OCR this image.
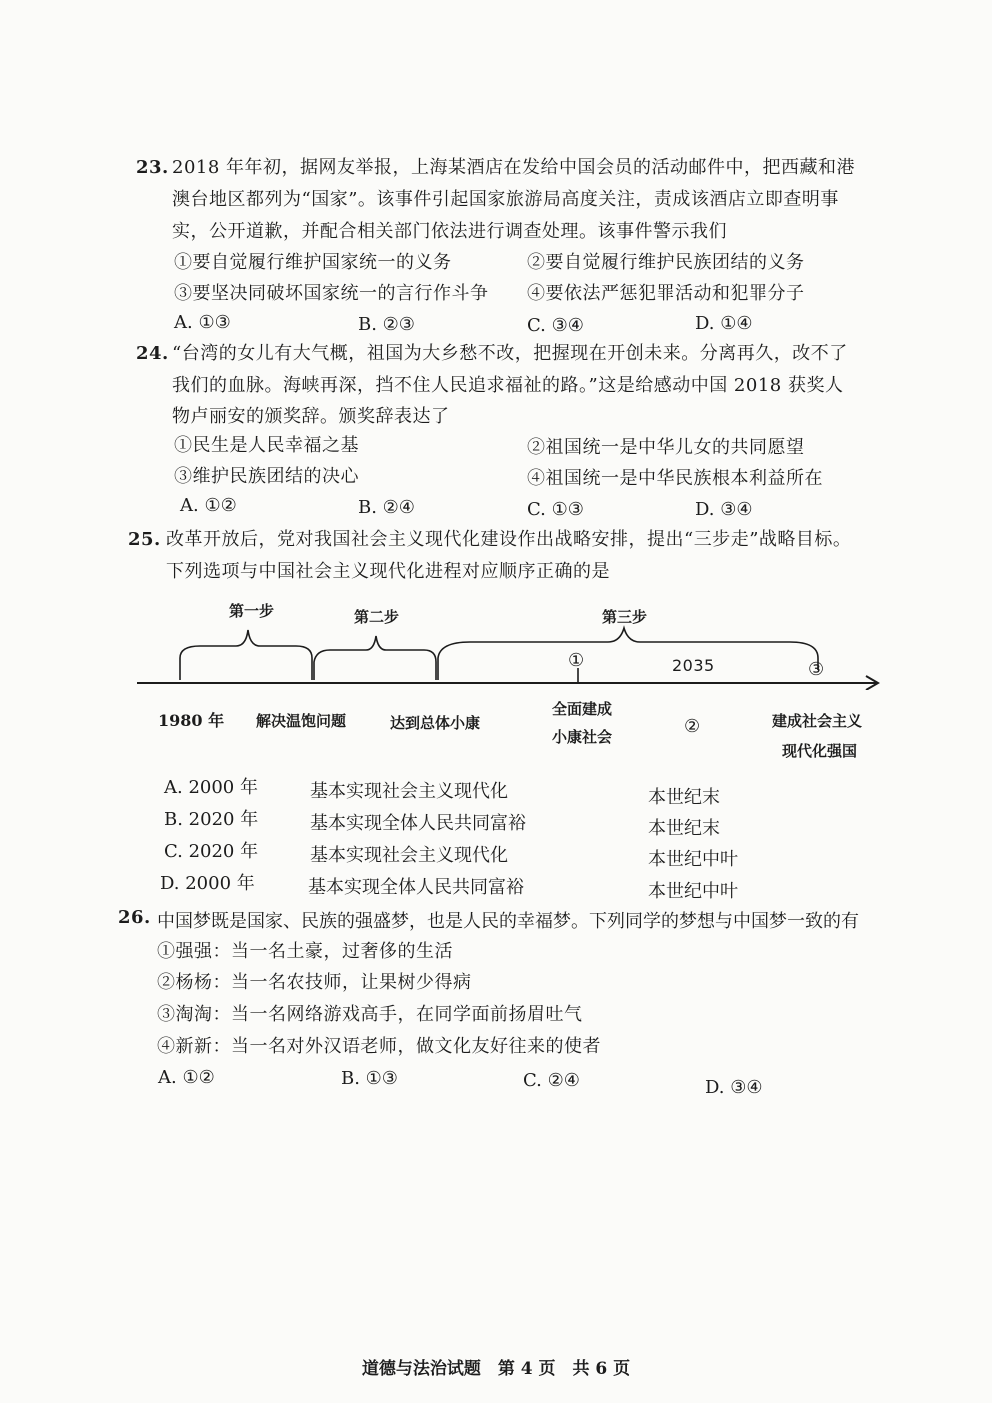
23. 2018 年年初，据网友举报，上海某酒店在发给中国会员的活动邮件中，把西藏和港
澳台地区都列为“国家”。该事件引起国家旅游局高度关注，责成该酒店立即查明事
实，公开道歉，并配合相关部门依法进行调查处理。该事件警示我们
①要自觉履行维护国家统一的义务	②要自觉履行维护民族团结的义务
③要坚决同破坏国家统一的言行作斗争 ④要依法严惩犯罪活动和犯罪分子
A. ①③	B. ②③	C. ③④	D. ①④
24. “台湾的女儿有大气概，祖国为大乡愁不改，把握现在开创未来。分离再久，改不了
我们的血脉。海峡再深，挡不住人民追求福祉的路。”这是给感动中国 2018 获奖人
物卢丽安的颁奖辞。颁奖辞表达了
①民生是人民幸福之基	②祖国统一是中华儿女的共同愿望
③维护民族团结的决心	④祖国统一是中华民族根本利益所在
A. ①②	B. ②④	C. ①③	D. ③④
25. 改革开放后，党对我国社会主义现代化建设作出战略安排，提出“三步走”战略目标。
下列选项与中国社会主义现代化进程对应顺序正确的是
第一步	第二步	第三步
①	2035	③
1980 年 解决温饱问题	达到总体小康
全面建成
小康社会	②	建成社会主义
现代化强国
A. 2000 年	基本实现社会主义现代化	本世纪末
B. 2020 年	基本实现全体人民共同富裕	本世纪末
C. 2020 年	基本实现社会主义现代化	本世纪中叶
D. 2000 年	基本实现全体人民共同富裕	本世纪中叶
26. 中国梦既是国家、民族的强盛梦，也是人民的幸福梦。下列同学的梦想与中国梦一致的有
①强强：当一名土豪，过奢侈的生活
②杨杨：当一名农技师，让果树少得病
③淘淘：当一名网络游戏高手，在同学面前扬眉吐气
④新新：当一名对外汉语老师，做文化友好往来的使者
A. ①②	B. ①③	C. ②④	D. ③④
道德与法治试题　第 4 页　共 6 页
